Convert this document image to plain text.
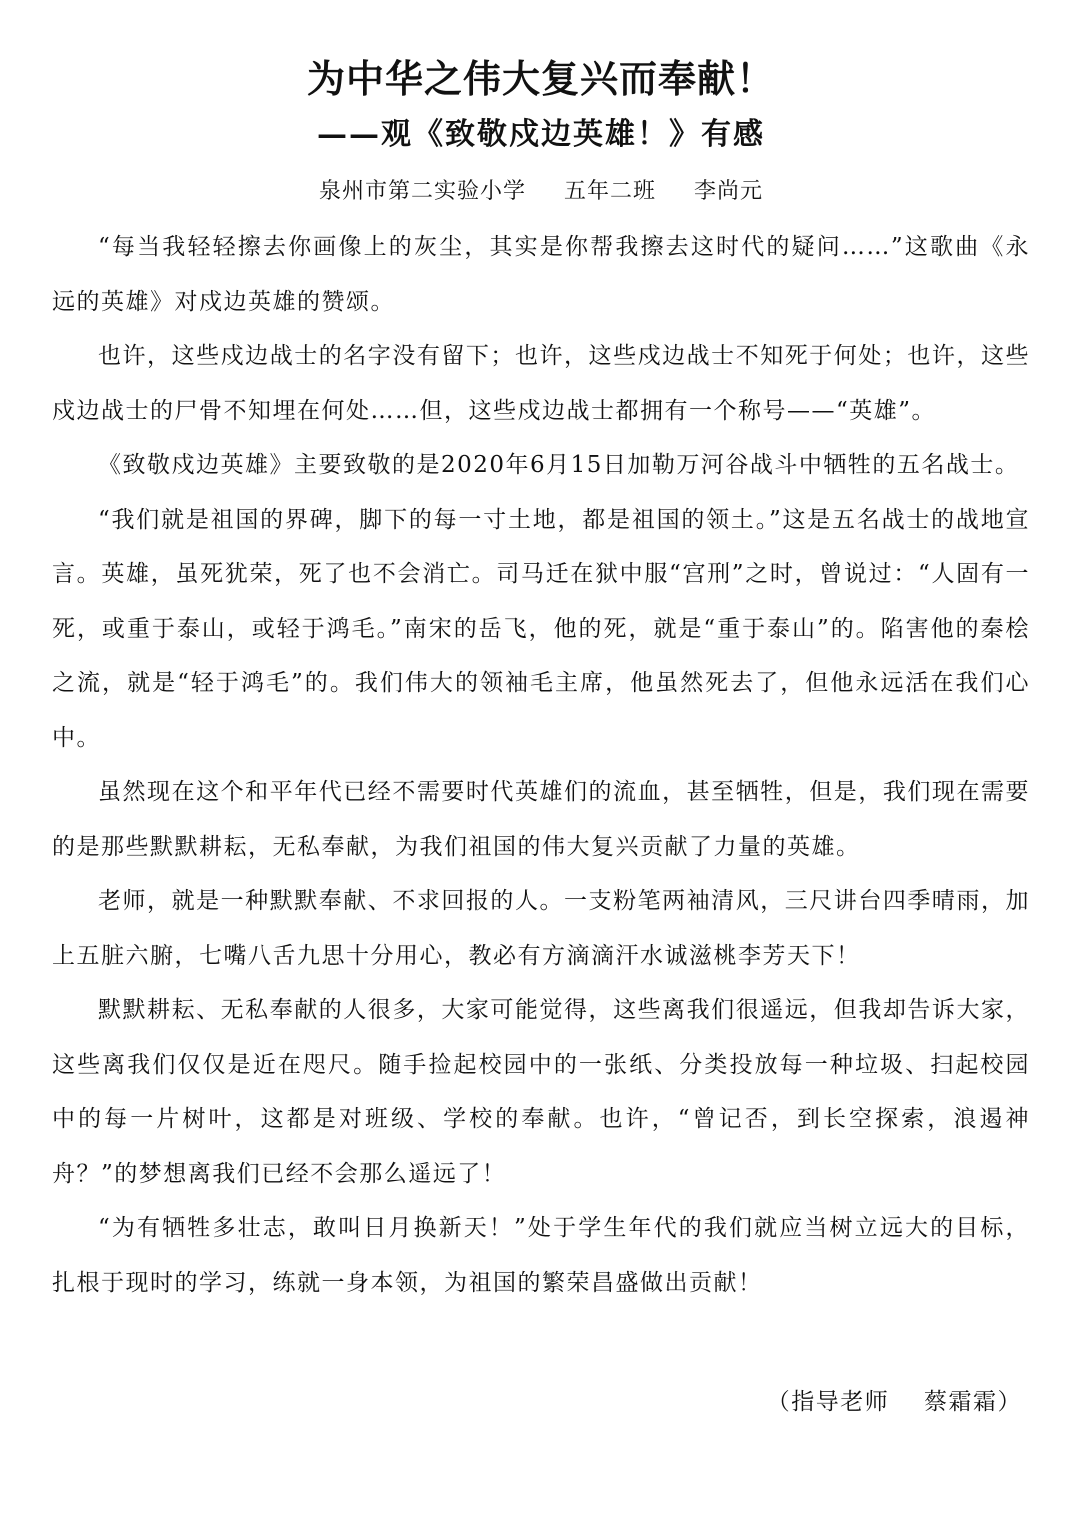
为中华之伟大复兴而奉献！
——观《致敬戍边英雄！》有感
泉州市第二实验小学 五年二班 李尚元

“每当我轻轻擦去你画像上的灰尘，其实是你帮我擦去这时代的疑问……”这歌曲《永远的英雄》对戍边英雄的赞颂。

也许，这些戍边战士的名字没有留下；也许，这些戍边战士不知死于何处；也许，这些戍边战士的尸骨不知埋在何处……但，这些戍边战士都拥有一个称号——“英雄”。

《致敬戍边英雄》主要致敬的是2020年6月15日加勒万河谷战斗中牺牲的五名战士。

“我们就是祖国的界碑，脚下的每一寸土地，都是祖国的领土。”这是五名战士的战地宣言。英雄，虽死犹荣，死了也不会消亡。司马迁在狱中服“宫刑”之时，曾说过：“人固有一死，或重于泰山，或轻于鸿毛。”南宋的岳飞，他的死，就是“重于泰山”的。陷害他的秦桧之流，就是“轻于鸿毛”的。我们伟大的领袖毛主席，他虽然死去了，但他永远活在我们心中。

虽然现在这个和平年代已经不需要时代英雄们的流血，甚至牺牲，但是，我们现在需要的是那些默默耕耘，无私奉献，为我们祖国的伟大复兴贡献了力量的英雄。

老师，就是一种默默奉献、不求回报的人。一支粉笔两袖清风，三尺讲台四季晴雨，加上五脏六腑，七嘴八舌九思十分用心，教必有方滴滴汗水诚滋桃李芳天下！

默默耕耘、无私奉献的人很多，大家可能觉得，这些离我们很遥远，但我却告诉大家，这些离我们仅仅是近在咫尺。随手捡起校园中的一张纸、分类投放每一种垃圾、扫起校园中的每一片树叶，这都是对班级、学校的奉献。也许，“曾记否，到长空探索，浪遏神舟？”的梦想离我们已经不会那么遥远了！

“为有牺牲多壮志，敢叫日月换新天！”处于学生年代的我们就应当树立远大的目标，扎根于现时的学习，练就一身本领，为祖国的繁荣昌盛做出贡献！

（指导老师 蔡霜霜）
